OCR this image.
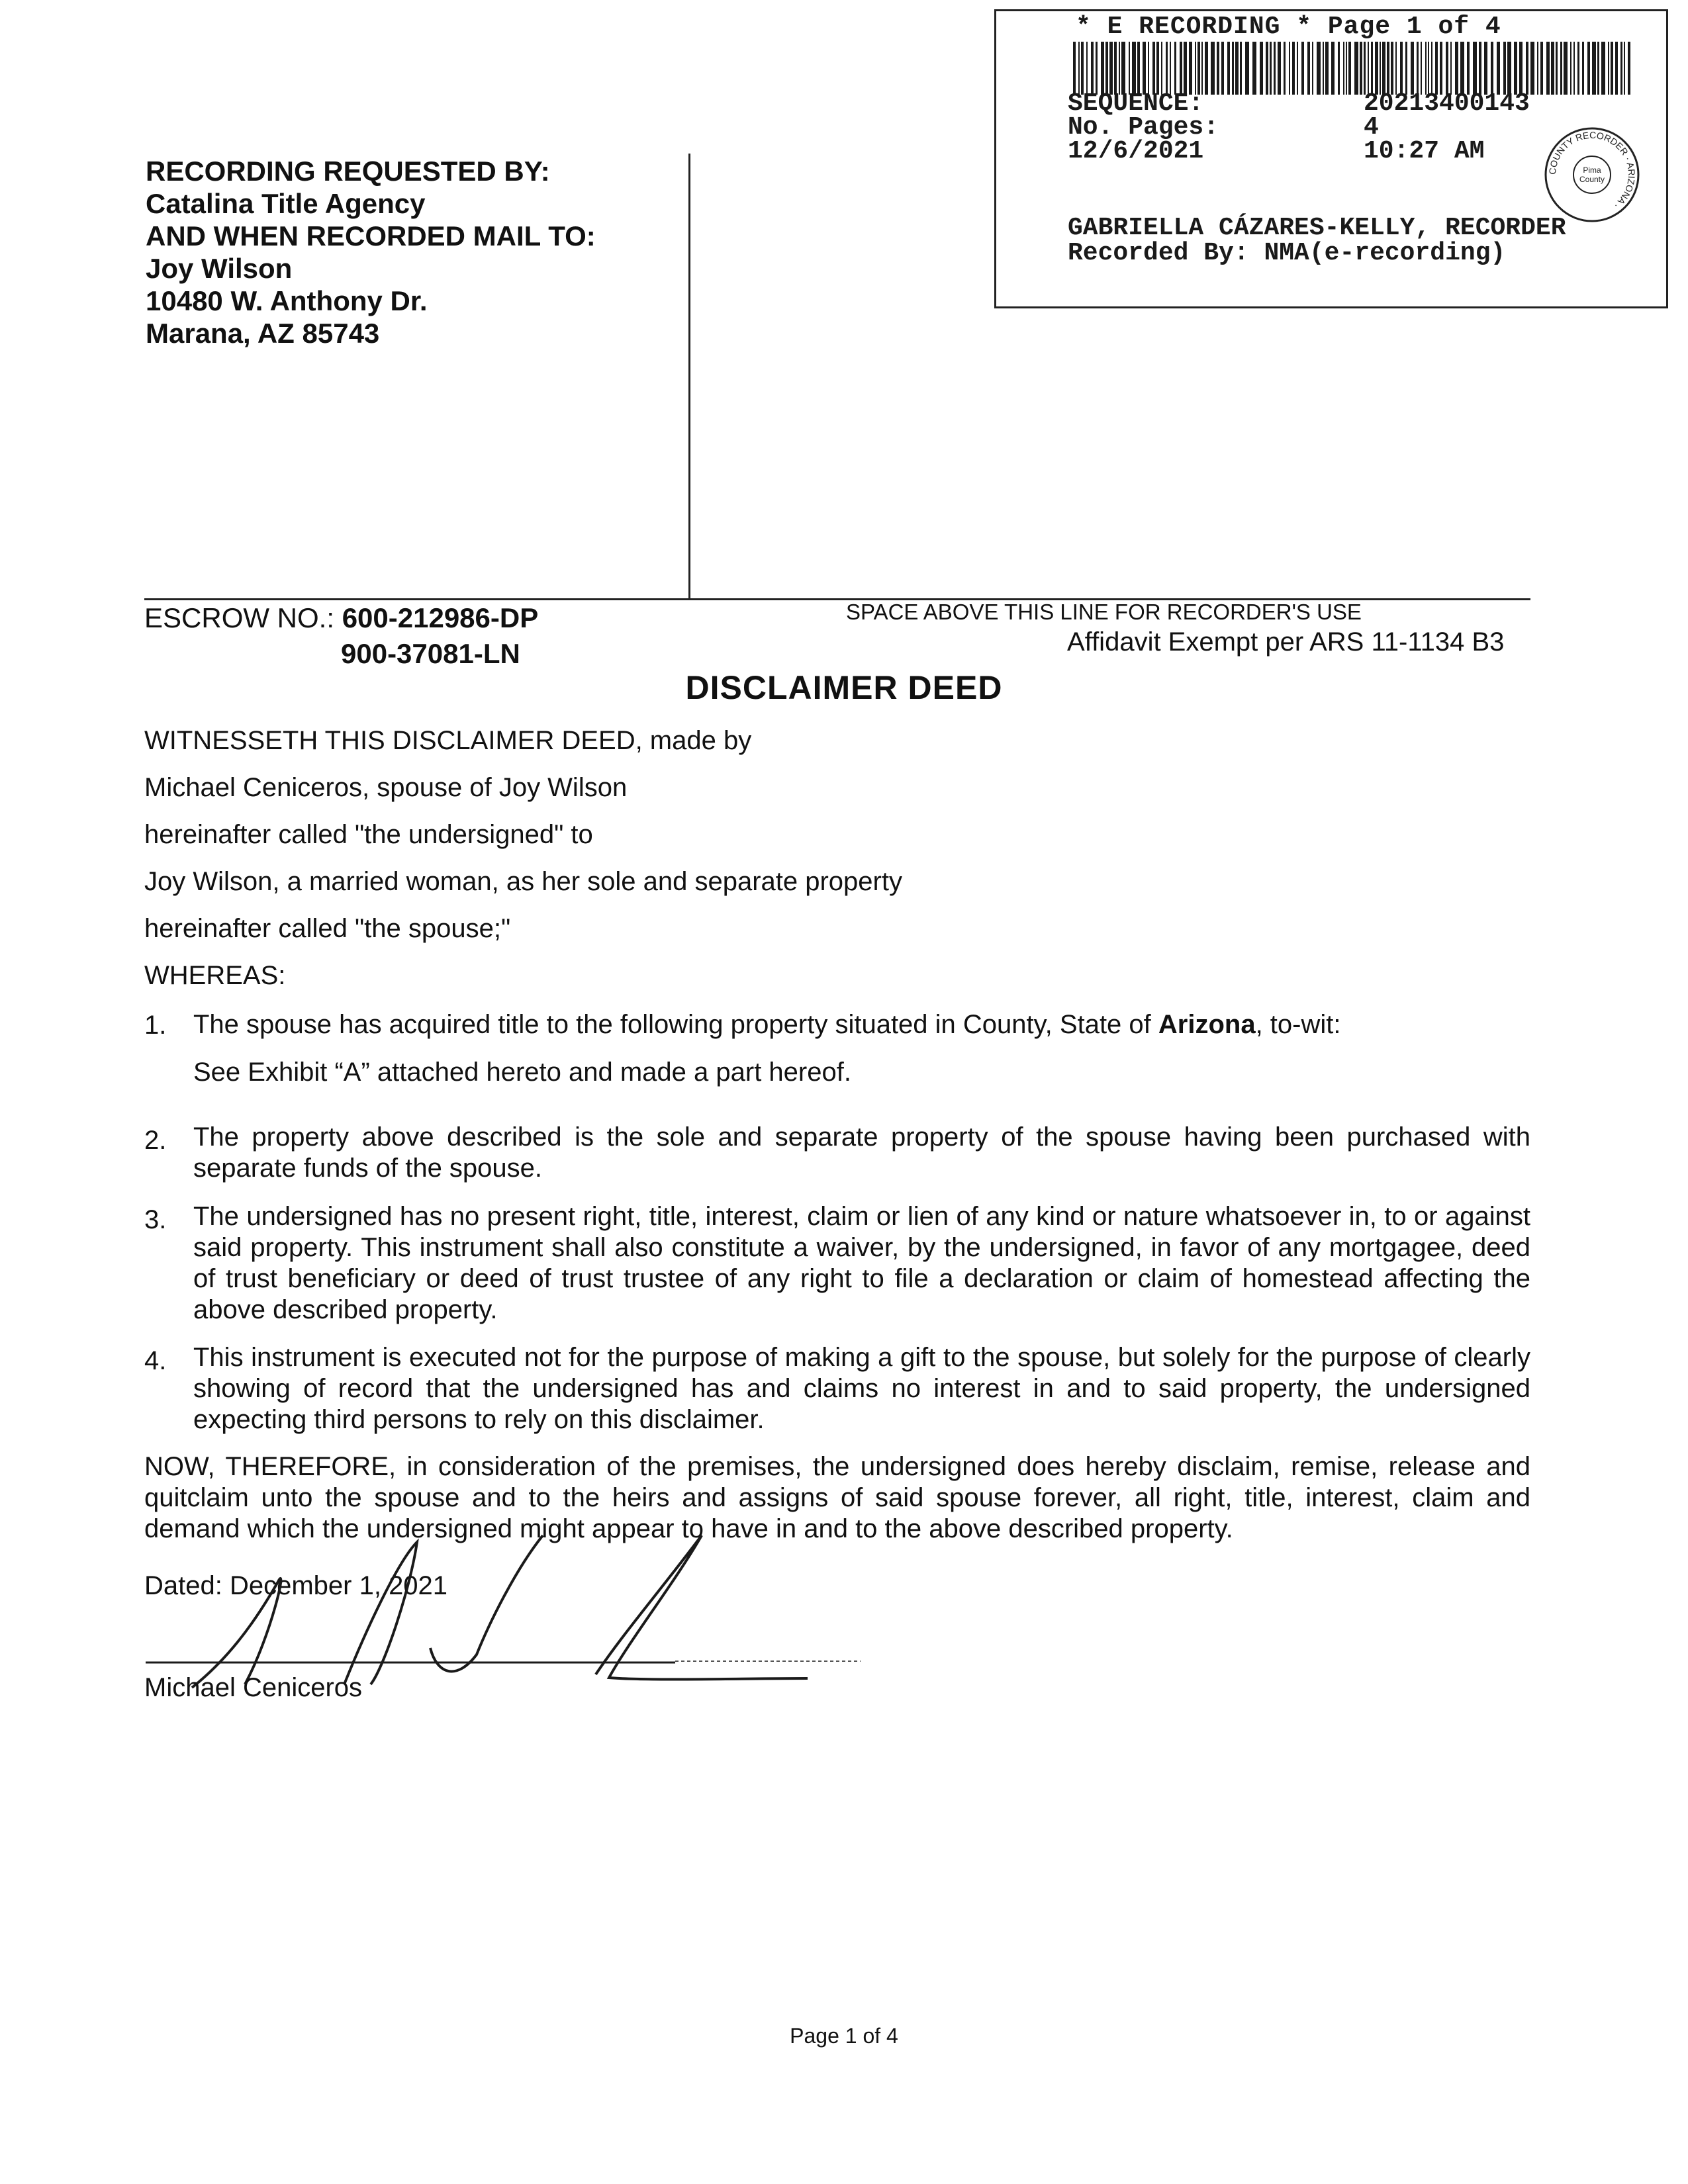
* E RECORDING * Page 1 of 4
SEQUENCE:	20213400143
No. Pages:	4
12/6/2021	10:27 AM
COUNTY RECORDER · ARIZONA ·
Pima
County
GABRIELLA CÁZARES-KELLY, RECORDER
Recorded By: NMA(e-recording)
RECORDING REQUESTED BY:
Catalina Title Agency
AND WHEN RECORDED MAIL TO:
Joy Wilson
10480 W. Anthony Dr.
Marana, AZ 85743
ESCROW NO.: 600-212986-DP
900-37081-LN
SPACE ABOVE THIS LINE FOR RECORDER'S USE
Affidavit Exempt per ARS 11-1134 B3
DISCLAIMER DEED
WITNESSETH THIS DISCLAIMER DEED, made by
Michael Ceniceros, spouse of Joy Wilson
hereinafter called "the undersigned" to
Joy Wilson, a married woman, as her sole and separate property
hereinafter called "the spouse;"
WHEREAS:
1. The spouse has acquired title to the following property situated in County, State of Arizona, to-wit:
See Exhibit “A” attached hereto and made a part hereof.
2. The property above described is the sole and separate property of the spouse having been purchased with separate funds of the spouse.
3. The undersigned has no present right, title, interest, claim or lien of any kind or nature whatsoever in, to or against said property. This instrument shall also constitute a waiver, by the undersigned, in favor of any mortgagee, deed of trust beneficiary or deed of trust trustee of any right to file a declaration or claim of homestead affecting the above described property.
4. This instrument is executed not for the purpose of making a gift to the spouse, but solely for the purpose of clearly showing of record that the undersigned has and claims no interest in and to said property, the undersigned expecting third persons to rely on this disclaimer.
NOW, THEREFORE, in consideration of the premises, the undersigned does hereby disclaim, remise, release and quitclaim unto the spouse and to the heirs and assigns of said spouse forever, all right, title, interest, claim and demand which the undersigned might appear to have in and to the above described property.
Dated: December 1, 2021
Michael Ceniceros
Page 1 of 4
